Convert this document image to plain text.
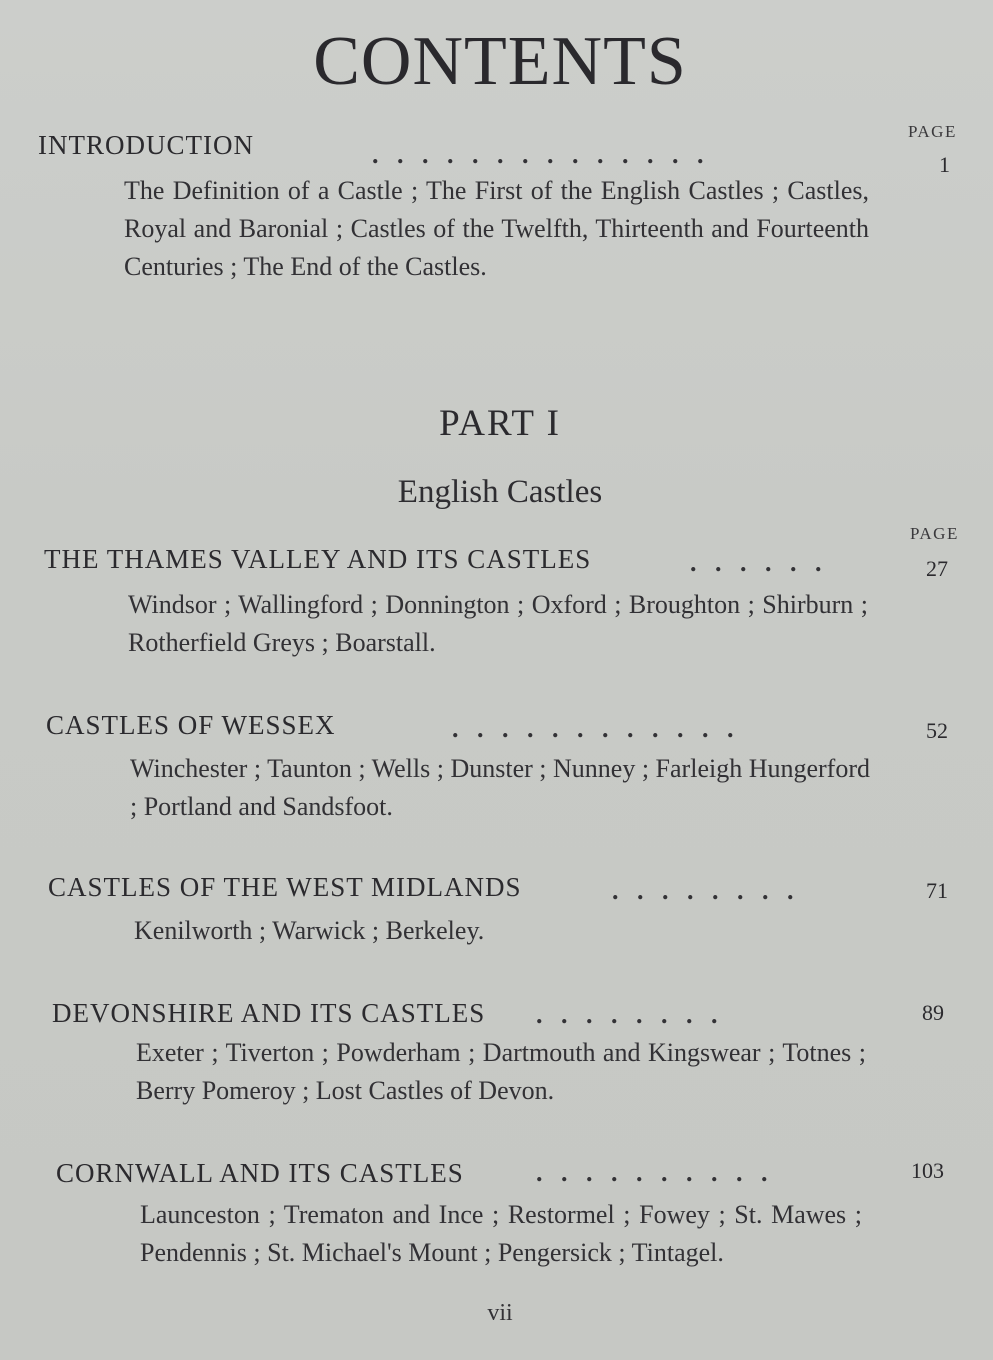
CONTENTS
PAGE
INTRODUCTION	. . . . . . . . . . . . . .	1
The Definition of a Castle ; The First of the English Castles ; Castles, Royal and Baronial ; Castles of the Twelfth, Thirteenth and Fourteenth Centuries ; The End of the Castles.
PART I
English Castles
PAGE
THE THAMES VALLEY AND ITS CASTLES	. . . . . .	27
Windsor ; Wallingford ; Donnington ; Oxford ; Broughton ; Shirburn ; Rotherfield Greys ; Boarstall.
CASTLES OF WESSEX	. . . . . . . . . . . .	52
Winchester ; Taunton ; Wells ; Dunster ; Nunney ; Farleigh Hungerford ; Portland and Sandsfoot.
CASTLES OF THE WEST MIDLANDS	. . . . . . . .	71
Kenilworth ; Warwick ; Berkeley.
DEVONSHIRE AND ITS CASTLES . . . . . . . .	89
Exeter ; Tiverton ; Powderham ; Dartmouth and Kingswear ; Totnes ; Berry Pomeroy ; Lost Castles of Devon.
CORNWALL AND ITS CASTLES	. . . . . . . . . .	103
Launceston ; Trematon and Ince ; Restormel ; Fowey ; St. Mawes ; Pendennis ; St. Michael's Mount ; Pengersick ; Tintagel.
vii
